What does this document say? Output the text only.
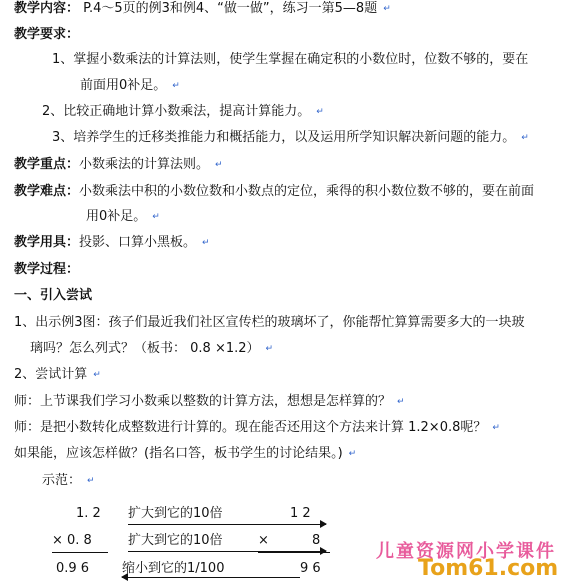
教学内容： P.4～5页的例3和例4、“做一做”，练习一第5—8题 ↵
教学要求：
1、掌握小数乘法的计算法则，使学生掌握在确定积的小数位时，位数不够的，要在
前面用0补足。 ↵
2、比较正确地计算小数乘法，提高计算能力。 ↵
3、培养学生的迁移类推能力和概括能力，以及运用所学知识解决新问题的能力。 ↵
教学重点：小数乘法的计算法则。 ↵
教学难点：小数乘法中积的小数位数和小数点的定位，乘得的积小数位数不够的，要在前面
用0补足。 ↵
教学用具：投影、口算小黑板。 ↵
教学过程：
一、引入尝试
1、出示例3图：孩子们最近我们社区宣传栏的玻璃坏了，你能帮忙算算需要多大的一块玻
璃吗？怎么列式？（板书： 0.8 ×1.2） ↵
2、尝试计算 ↵
师：上节课我们学习小数乘以整数的计算方法，想想是怎样算的？ ↵
师：是把小数转化成整数进行计算的。现在能否还用这个方法来计算 1.2×0.8呢？ ↵
如果能，应该怎样做？(指名口答，板书学生的讨论结果。) ↵
示范： ↵
1. 2 扩大到它的10倍	1 2
× 0. 8	扩大到它的10倍	×	8
0.9 6	缩小到它的1/100	9 6
儿童资源网小学课件
Tom61.com
